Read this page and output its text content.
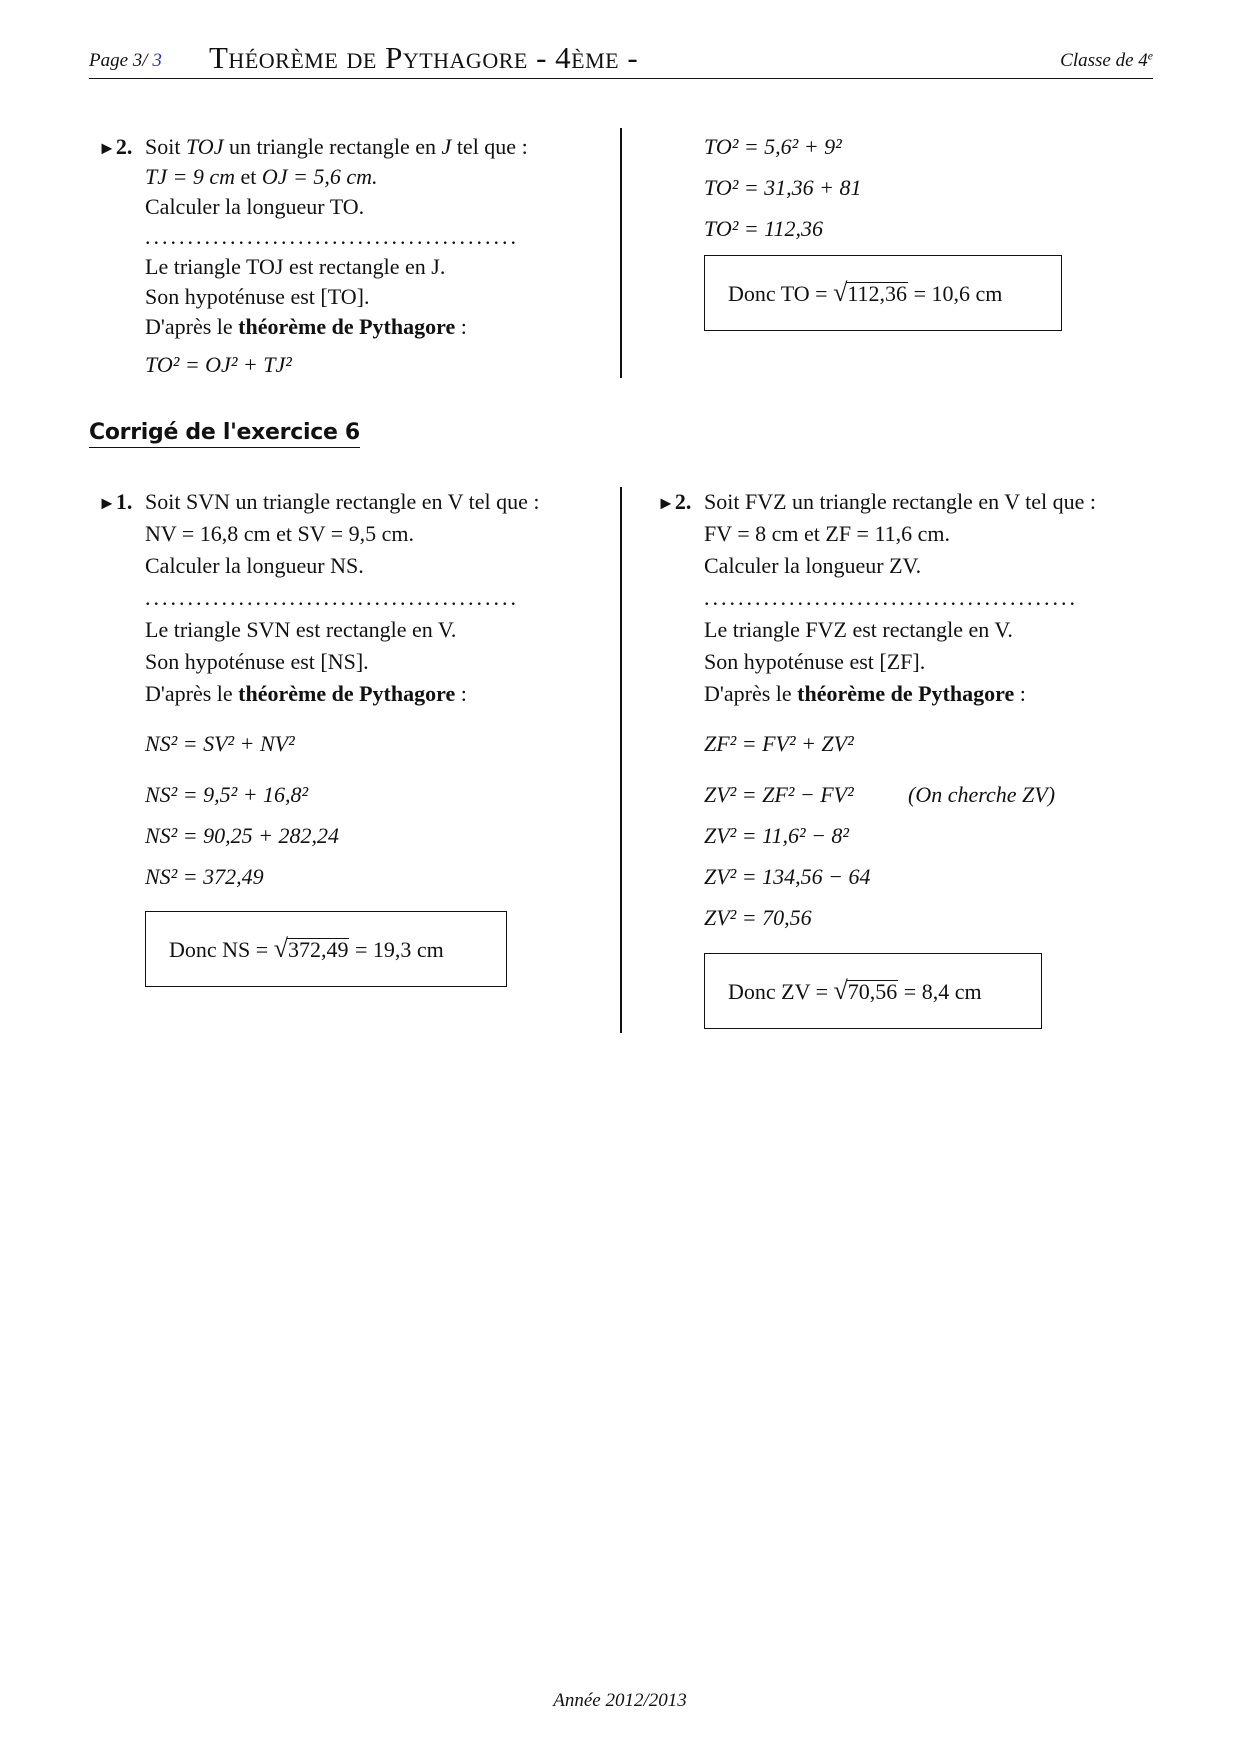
Page 3/ 3 Théorème de Pythagore - 4ème -	Classe de 4e
►2. Soit TOJ un triangle rectangle en J tel que :
TJ = 9 cm et OJ = 5,6 cm.
Calculer la longueur TO.
............................................
Le triangle TOJ est rectangle en J.
Son hypoténuse est [TO].
D'après le théorème de Pythagore :
TO² = OJ² + TJ²
TO² = 5,6² + 9²
TO² = 31,36 + 81
TO² = 112,36
Donc TO = √112,36 = 10,6 cm
Corrigé de l'exercice 6
►1. Soit SVN un triangle rectangle en V tel que :
NV = 16,8 cm et SV = 9,5 cm.
Calculer la longueur NS.
............................................
Le triangle SVN est rectangle en V.
Son hypoténuse est [NS].
D'après le théorème de Pythagore :
NS² = SV² + NV²
NS² = 9,5² + 16,8²
NS² = 90,25 + 282,24
NS² = 372,49
Donc NS = √372,49 = 19,3 cm
►2. Soit FVZ un triangle rectangle en V tel que :
FV = 8 cm et ZF = 11,6 cm.
Calculer la longueur ZV.
............................................
Le triangle FVZ est rectangle en V.
Son hypoténuse est [ZF].
D'après le théorème de Pythagore :
ZF² = FV² + ZV²
ZV² = ZF² − FV² (On cherche ZV)
ZV² = 11,6² − 8²
ZV² = 134,56 − 64
ZV² = 70,56
Donc ZV = √70,56 = 8,4 cm
Année 2012/2013
